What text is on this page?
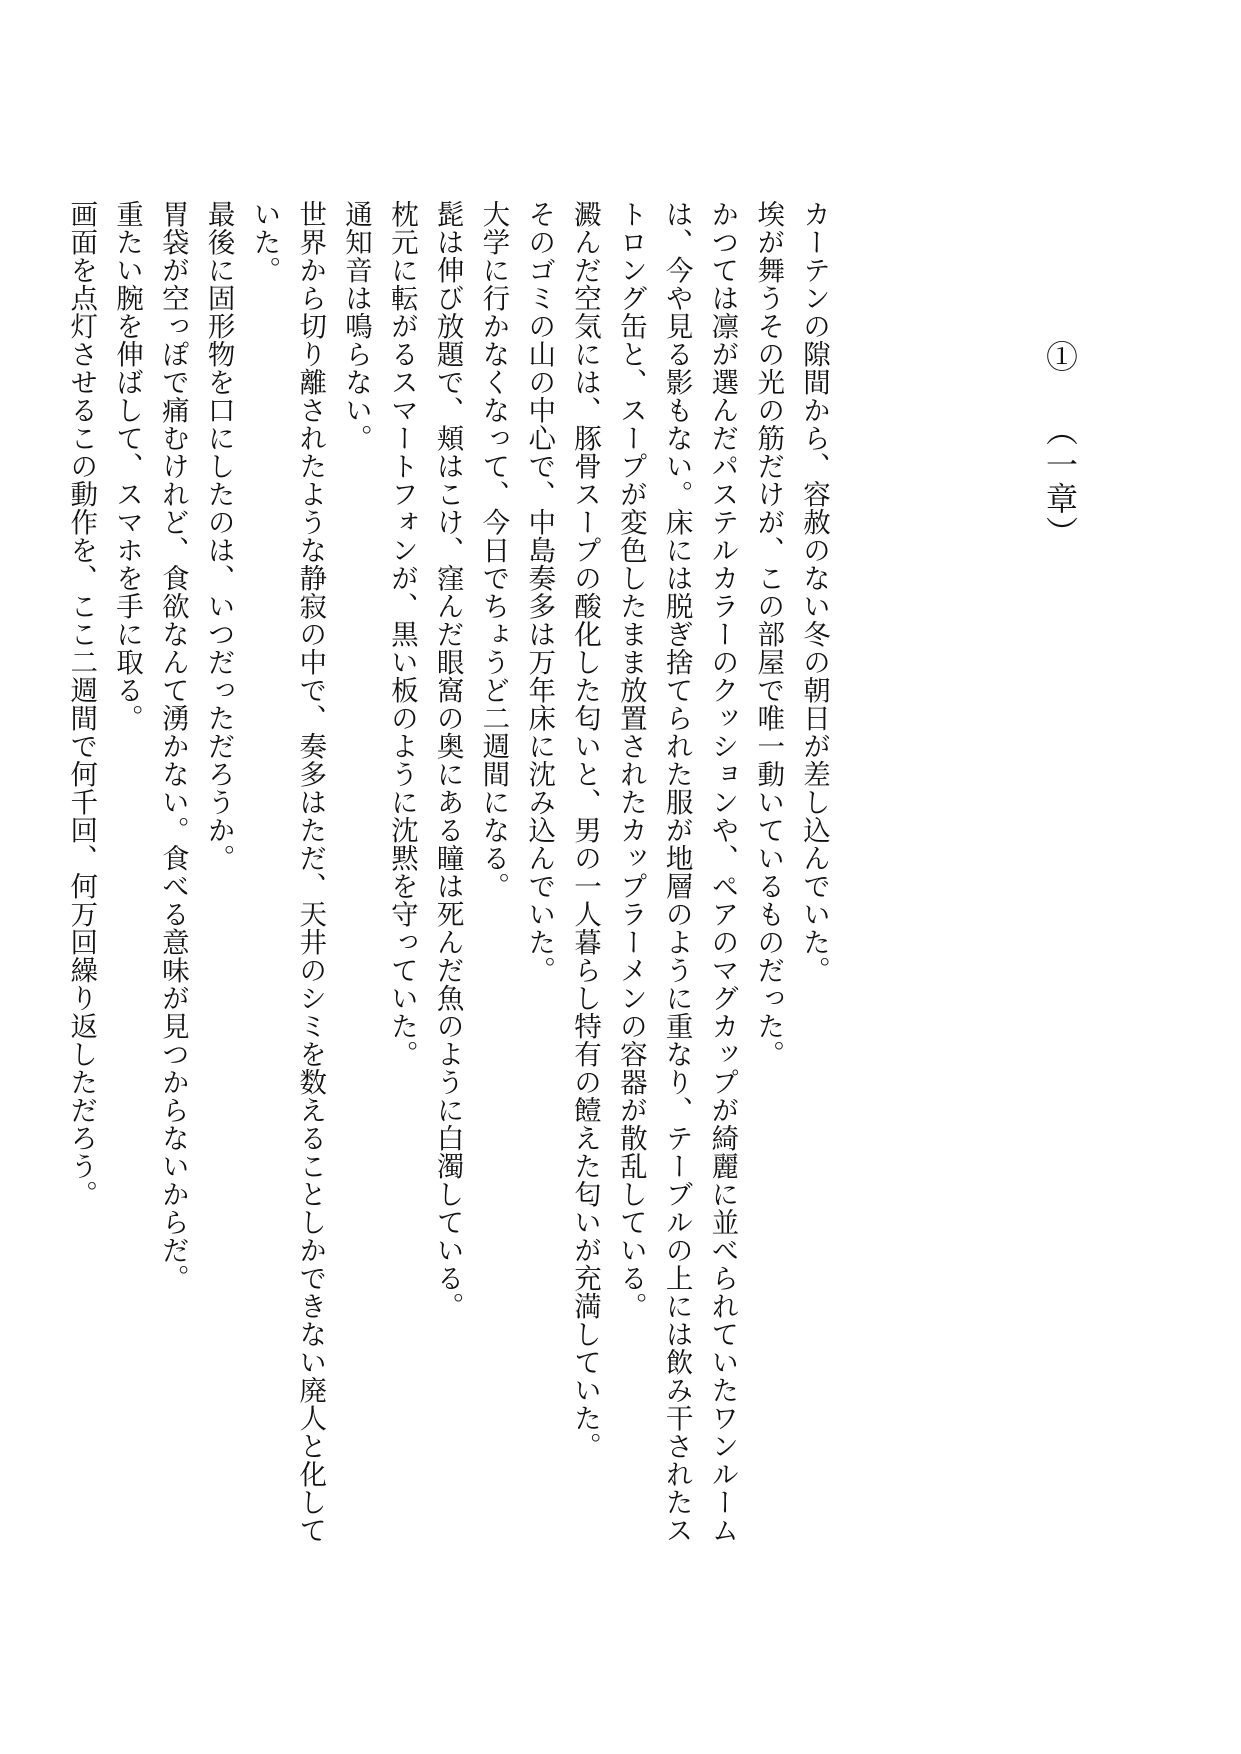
① （一章）

カーテンの隙間から、容赦のない冬の朝日が差し込んでいた。

埃が舞うその光の筋だけが、この部屋で唯一動いているものだった。

かつては凛が選んだパステルカラーのクッションや、ペアのマグカップが綺麗に並べられていたワンルームは、今や見る影もない。床には脱ぎ捨てられた服が地層のように重なり、テーブルの上には飲み干されたストロング缶と、スープが変色したまま放置されたカップラーメンの容器が散乱している。

澱んだ空気には、豚骨スープの酸化した匂いと、男の一人暮らし特有の饐えた匂いが充満していた。

そのゴミの山の中心で、中島奏多は万年床に沈み込んでいた。

大学に行かなくなって、今日でちょうど二週間になる。

髭は伸び放題で、頬はこけ、窪んだ眼窩の奥にある瞳は死んだ魚のように白濁している。

枕元に転がるスマートフォンが、黒い板のように沈黙を守っていた。

通知音は鳴らない。

世界から切り離されたような静寂の中で、奏多はただ、天井のシミを数えることしかできない廃人と化していた。

最後に固形物を口にしたのは、いつだっただろうか。

胃袋が空っぽで痛むけれど、食欲なんて湧かない。食べる意味が見つからないからだ。

重たい腕を伸ばして、スマホを手に取る。

画面を点灯させるこの動作を、ここ二週間で何千回、何万回繰り返しただろう。
